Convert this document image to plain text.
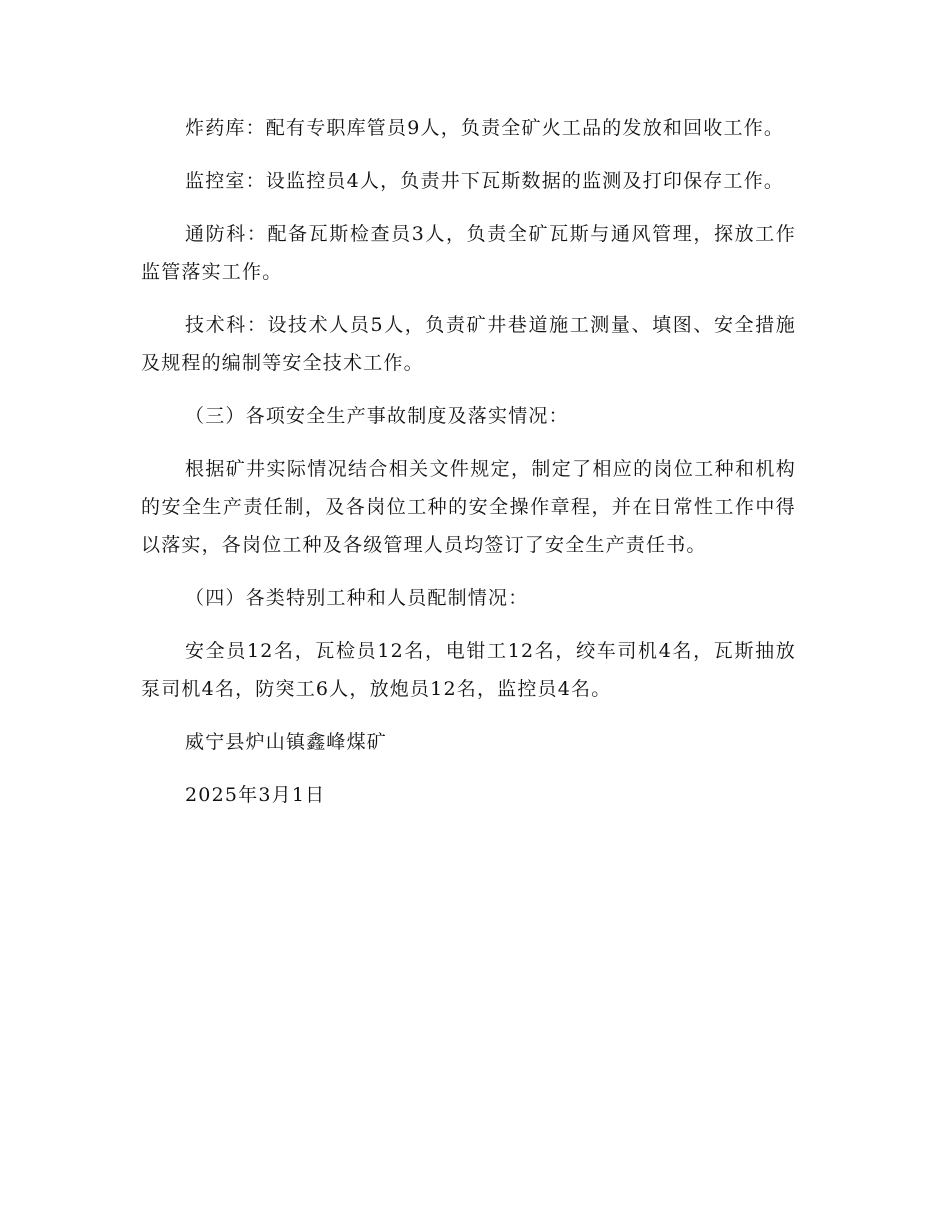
炸药库：配有专职库管员9人，负责全矿火工品的发放和回收工作。

监控室：设监控员4人，负责井下瓦斯数据的监测及打印保存工作。

通防科：配备瓦斯检查员3人，负责全矿瓦斯与通风管理，探放工作监管落实工作。

技术科：设技术人员5人，负责矿井巷道施工测量、填图、安全措施及规程的编制等安全技术工作。

（三）各项安全生产事故制度及落实情况：

根据矿井实际情况结合相关文件规定，制定了相应的岗位工种和机构的安全生产责任制，及各岗位工种的安全操作章程，并在日常性工作中得以落实，各岗位工种及各级管理人员均签订了安全生产责任书。

（四）各类特别工种和人员配制情况：

安全员12名，瓦检员12名，电钳工12名，绞车司机4名，瓦斯抽放泵司机4名，防突工6人，放炮员12名，监控员4名。

威宁县炉山镇鑫峰煤矿

2025年3月1日
